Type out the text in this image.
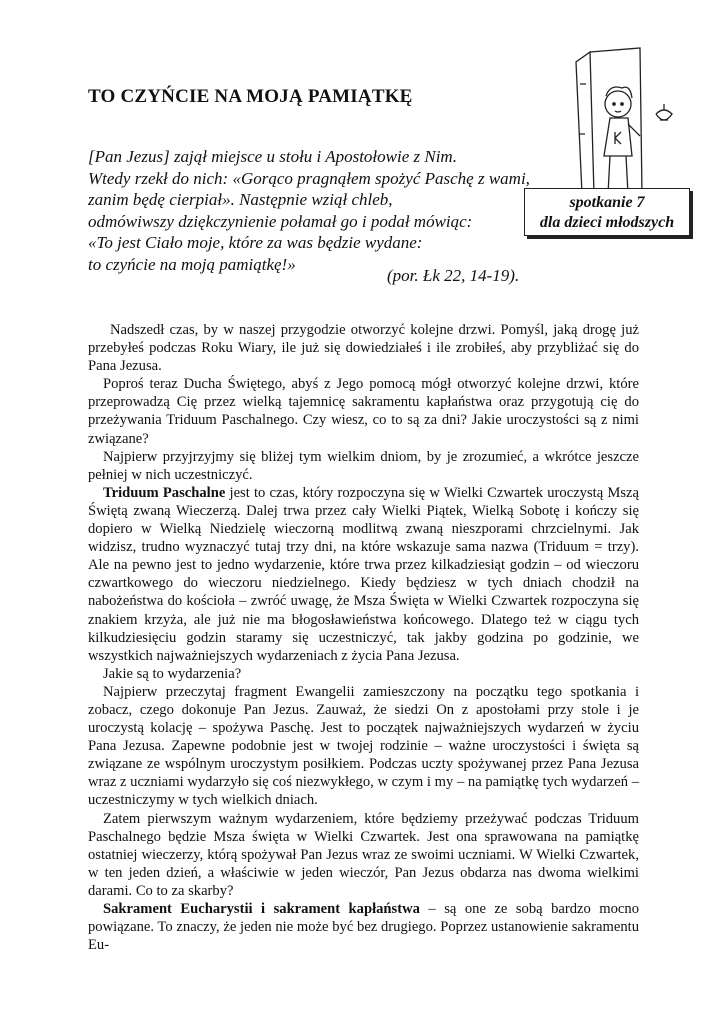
TO CZYŃCIE NA MOJĄ PAMIĄTKĘ
[Pan Jezus] zajął miejsce u stołu i Apostołowie z Nim.
Wtedy rzekł do nich: «Gorąco pragnąłem spożyć Paschę z wami,
zanim będę cierpiał». Następnie wziął chleb,
odmówiwszy dziękczynienie połamał go i podał mówiąc:
«To jest Ciało moje, które za was będzie wydane:
to czyńcie na moją pamiątkę!»
(por. Łk 22, 14-19).
spotkanie 7
dla dzieci młodszych

Nadszedł czas, by w naszej przygodzie otworzyć kolejne drzwi. Pomyśl, jaką drogę już przebyłeś podczas Roku Wiary, ile już się dowiedziałeś i ile zrobiłeś, aby przybliżać się do Pana Jezusa.

Poproś teraz Ducha Świętego, abyś z Jego pomocą mógł otworzyć kolejne drzwi, które przeprowadzą Cię przez wielką tajemnicę sakramentu kapłaństwa oraz przygotują cię do przeżywania Triduum Paschalnego. Czy wiesz, co to są za dni? Jakie uroczystości są z nimi związane?

Najpierw przyjrzyjmy się bliżej tym wielkim dniom, by je zrozumieć, a wkrótce jeszcze pełniej w nich uczestniczyć.

Triduum Paschalne jest to czas, który rozpoczyna się w Wielki Czwartek uroczystą Mszą Świętą zwaną Wieczerzą. Dalej trwa przez cały Wielki Piątek, Wielką Sobotę i kończy się dopiero w Wielką Niedzielę wieczorną modlitwą zwaną nieszporami chrzcielnymi. Jak widzisz, trudno wyznaczyć tutaj trzy dni, na które wskazuje sama nazwa (Triduum = trzy). Ale na pewno jest to jedno wydarzenie, które trwa przez kilkadziesiąt godzin – od wieczoru czwartkowego do wieczoru niedzielnego. Kiedy będziesz w tych dniach chodził na nabożeństwa do kościoła – zwróć uwagę, że Msza Święta w Wielki Czwartek rozpoczyna się znakiem krzyża, ale już nie ma błogosławieństwa końcowego. Dlatego też w ciągu tych kilkudziesięciu godzin staramy się uczestniczyć, tak jakby godzina po godzinie, we wszystkich najważniejszych wydarzeniach z życia Pana Jezusa.

Jakie są to wydarzenia?

Najpierw przeczytaj fragment Ewangelii zamieszczony na początku tego spotkania i zobacz, czego dokonuje Pan Jezus. Zauważ, że siedzi On z apostołami przy stole i je uroczystą kolację – spożywa Paschę. Jest to początek najważniejszych wydarzeń w życiu Pana Jezusa. Zapewne podobnie jest w twojej rodzinie – ważne uroczystości i święta są związane ze wspólnym uroczystym posiłkiem. Podczas uczty spożywanej przez Pana Jezusa wraz z uczniami wydarzyło się coś niezwykłego, w czym i my – na pamiątkę tych wydarzeń – uczestniczymy w tych wielkich dniach.

Zatem pierwszym ważnym wydarzeniem, które będziemy przeżywać podczas Triduum Paschalnego będzie Msza święta w Wielki Czwartek. Jest ona sprawowana na pamiątkę ostatniej wieczerzy, którą spożywał Pan Jezus wraz ze swoimi uczniami. W Wielki Czwartek, w ten jeden dzień, a właściwie w jeden wieczór, Pan Jezus obdarza nas dwoma wielkimi darami. Co to za skarby?

Sakrament Eucharystii i sakrament kapłaństwa – są one ze sobą bardzo mocno powiązane. To znaczy, że jeden nie może być bez drugiego. Poprzez ustanowienie sakramentu Eu-
